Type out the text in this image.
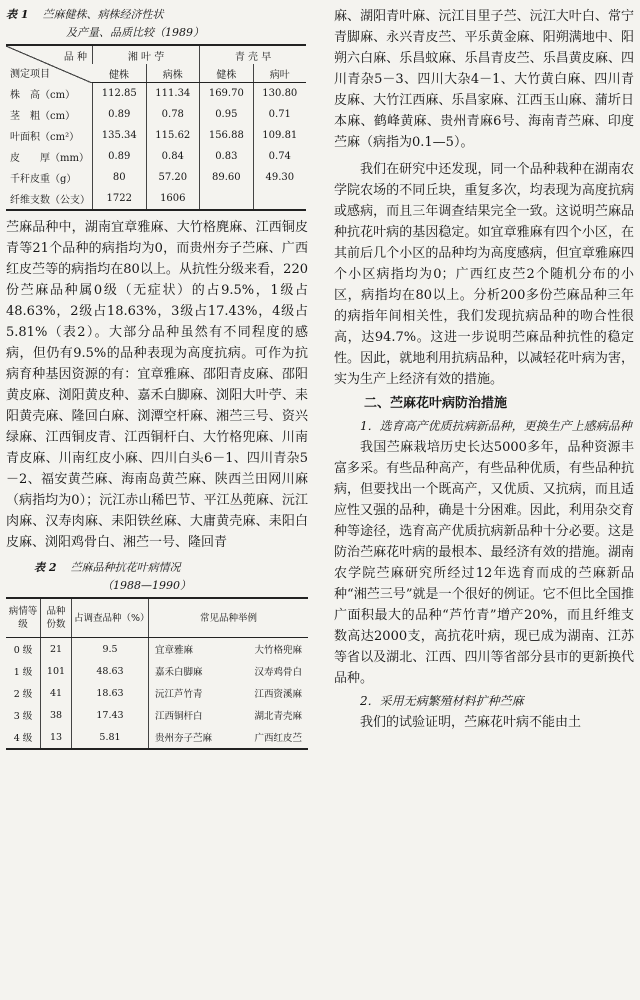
表 1 苎麻健株、病株经济性状
及产量、品质比较（1989）
品 种
测定项目	湘 叶 苧		青 壳 早	
	健株	病株	健株	病叶
株　高（cm）	112.85	111.34	169.70	130.80
茎　粗（cm）	0.89	0.78	0.95	0.71
叶面积（cm²）	135.34	115.62	156.88	109.81
皮　　厚（mm）	0.89	0.84	0.83	0.74
千秆皮重（g）	80	57.20	89.60	49.30
纤维支数（公支）	1722	1606		

苎麻品种中，湖南宜章雅麻、大竹格麂麻、江西铜皮青等21个品种的病指均为0，而贵州夯子苎麻、广西红皮苎等的病指均在80以上。从抗性分级来看，220份苎麻品种属0级（无症状）的占9.5%，1级占48.63%，2级占18.63%，3级占17.43%，4级占5.81%（表2）。大部分品种虽然有不同程度的感病，但仍有9.5%的品种表现为高度抗病。可作为抗病育种基因资源的有：宜章雅麻、邵阳青皮麻、邵阳黄皮麻、浏阳黄皮种、嘉禾白脚麻、浏阳大叶苧、耒阳黄壳麻、隆回白麻、浏潭空杆麻、湘苎三号、资兴绿麻、江西铜皮青、江西铜杆白、大竹格兜麻、川南青皮麻、川南红皮小麻、四川白头6－1、四川青杂5－2、福安黄苎麻、海南岛黄苎麻、陕西兰田网川麻（病指均为0）；沅江赤山稀巴节、平江丛蔸麻、沅江肉麻、汉寿肉麻、耒阳铁丝麻、大庸黄壳麻、耒阳白皮麻、浏阳鸡骨白、湘苎一号、隆回青

表 2 苎麻品种抗花叶病情况
（1988—1990）
病情等级	品种份数	占调查品种（%）	常见品种举例
0 级	21	9.5	宜章雅麻 大竹格兜麻

1 级	101	48.63	嘉禾白脚麻 汉寿鸡骨白

2 级	41	18.63	沅江芦竹青 江西资溪麻

3 级	38	17.43	江西铜杆白 湖北青壳麻

4 级	13	5.81	贵州夯子苎麻 广西红皮苎

麻、湖阳青叶麻、沅江目里子苎、沅江大叶白、常宁青脚麻、永兴青皮苎、平乐黄金麻、阳朔满地中、阳朔六白麻、乐昌蚊麻、乐昌青皮苎、乐昌黄皮麻、四川青杂5－3、四川大杂4－1、大竹黄白麻、四川青皮麻、大竹江西麻、乐昌家麻、江西玉山麻、蒲圻日本麻、鹤峰黄麻、贵州青麻6号、海南青苎麻、印度苎麻（病指为0.1—5）。

我们在研究中还发现，同一个品种栽种在湖南农学院农场的不同丘块，重复多次，均表现为高度抗病或感病，而且三年调查结果完全一致。这说明苎麻品种抗花叶病的基因稳定。如宜章雅麻有四个小区，在其前后几个小区的品种均为高度感病，但宜章雅麻四个小区病指均为0；广西红皮苎2个随机分布的小区，病指均在80以上。分析200多份苎麻品种三年的病指年间相关性，我们发现抗病品种的吻合性很高，达94.7%。这进一步说明苎麻品种抗性的稳定性。因此，就地利用抗病品种，以减轻花叶病为害，实为生产上经济有效的措施。

二、苎麻花叶病防治措施
1．选育高产优质抗病新品种，更换生产上感病品种

我国苎麻栽培历史长达5000多年，品种资源丰富多采。有些品种高产，有些品种优质，有些品种抗病，但要找出一个既高产，又优质、又抗病，而且适应性又强的品种，确是十分困难。因此，利用杂交育种等途径，选育高产优质抗病新品种十分必要。这是防治苎麻花叶病的最根本、最经济有效的措施。湖南农学院苎麻研究所经过12年选育而成的苎麻新品种“湘苎三号”就是一个很好的例证。它不但比全国推广面积最大的品种“芦竹青”增产20%，而且纤维支数高达2000支，高抗花叶病，现已成为湖南、江苏等省以及湖北、江西、四川等省部分县市的更新换代品种。

2．采用无病繁殖材料扩种苎麻

我们的试验证明，苎麻花叶病不能由土
